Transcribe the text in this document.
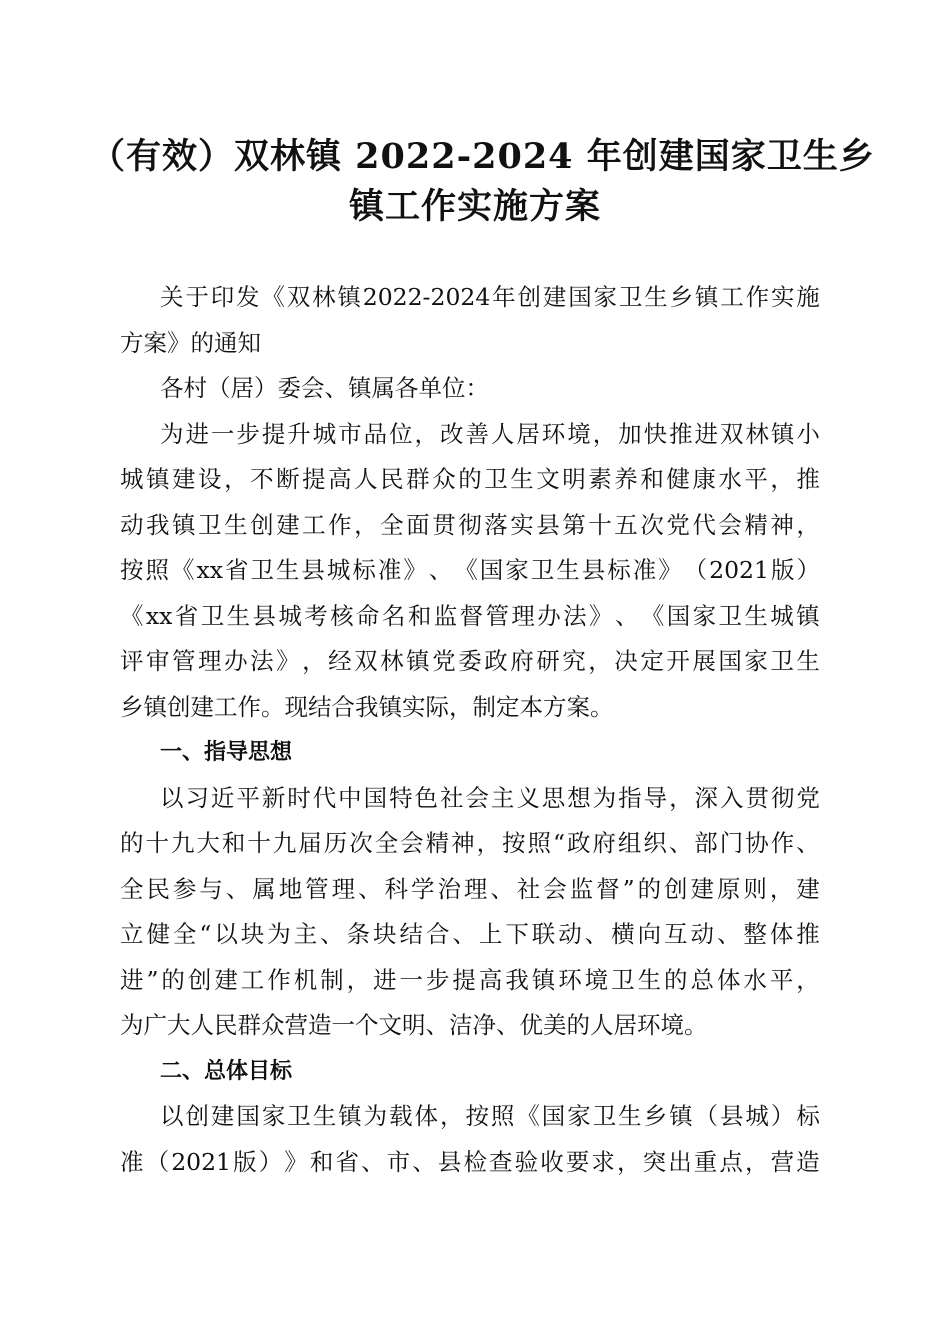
（有效）双林镇 2022-2024 年创建国家卫生乡
镇工作实施方案
关 于 印 发 《 双 林 镇 2022-2024 年 创 建 国 家 卫 生 乡 镇 工 作 实 施
方案》的通知
各村（居）委会、镇属各单位：
为 进 一 步 提 升 城 市 品 位 ， 改 善 人 居 环 境 ， 加 快 推 进 双 林 镇 小
城 镇 建 设 ， 不 断 提 高 人 民 群 众 的 卫 生 文 明 素 养 和 健 康 水 平 ， 推
动 我 镇 卫 生 创 建 工 作 ， 全 面 贯 彻 落 实 县 第 十 五 次 党 代 会 精 神 ，
按 照 《 xx 省 卫 生 县 城 标 准 》 、 《 国 家 卫 生 县 标 准 》 （ 2021 版 ）
《 xx 省 卫 生 县 城 考 核 命 名 和 监 督 管 理 办 法 》 、 《 国 家 卫 生 城 镇
评 审 管 理 办 法 》 ， 经 双 林 镇 党 委 政 府 研 究 ， 决 定 开 展 国 家 卫 生
乡镇创建工作。现结合我镇实际，制定本方案。
一、指导思想
以 习 近 平 新 时 代 中 国 特 色 社 会 主 义 思 想 为 指 导 ， 深 入 贯 彻 党
的 十 九 大 和 十 九 届 历 次 全 会 精 神 ， 按 照 “ 政 府 组 织 、 部 门 协 作 、
全 民 参 与 、 属 地 管 理 、 科 学 治 理 、 社 会 监 督 ” 的 创 建 原 则 ， 建
立 健 全 “ 以 块 为 主 、 条 块 结 合 、 上 下 联 动 、 横 向 互 动 、 整 体 推
进 ” 的 创 建 工 作 机 制 ， 进 一 步 提 高 我 镇 环 境 卫 生 的 总 体 水 平 ，
为广大人民群众营造一个文明、洁净、优美的人居环境。
二、总体目标
以 创 建 国 家 卫 生 镇 为 载 体 ， 按 照 《 国 家 卫 生 乡 镇 （ 县 城 ） 标
准 （ 2021 版 ） 》 和 省 、 市 、 县 检 查 验 收 要 求 ， 突 出 重 点 ， 营 造
